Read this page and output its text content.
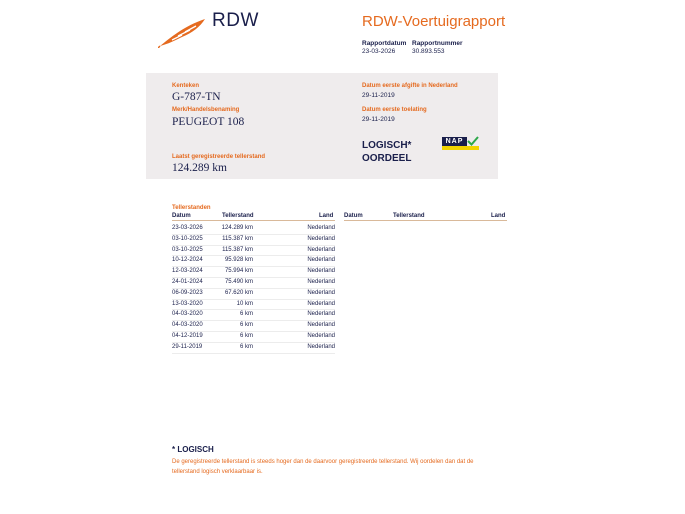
RDW	RDW-Voertuigrapport
Rapportdatum
23-03-2026
Rapportnummer
30.893.553
Kenteken
G-787-TN
Merk/Handelsbenaming
PEUGEOT 108
Laatst geregistreerde tellerstand
124.289 km
Datum eerste afgifte in Nederland
29-11-2019
Datum eerste toelating
29-11-2019
LOGISCH*
OORDEEL
NAP
Tellerstanden
Datum	Tellerstand	Land Datum	Tellerstand	Land
23-03-2026	124.289 km	Nederland
03-10-2025	115.387 km	Nederland
03-10-2025	115.387 km	Nederland
10-12-2024	95.928 km	Nederland
12-03-2024	75.994 km	Nederland
24-01-2024	75.490 km	Nederland
06-09-2023	67.620 km	Nederland
13-03-2020	10 km	Nederland
04-03-2020	6 km	Nederland
04-03-2020	6 km	Nederland
04-12-2019	6 km	Nederland
29-11-2019	6 km	Nederland
* LOGISCH
De geregistreerde tellerstand is steeds hoger dan de daarvoor geregistreerde tellerstand. Wij oordelen dan dat de tellerstand logisch verklaarbaar is.
